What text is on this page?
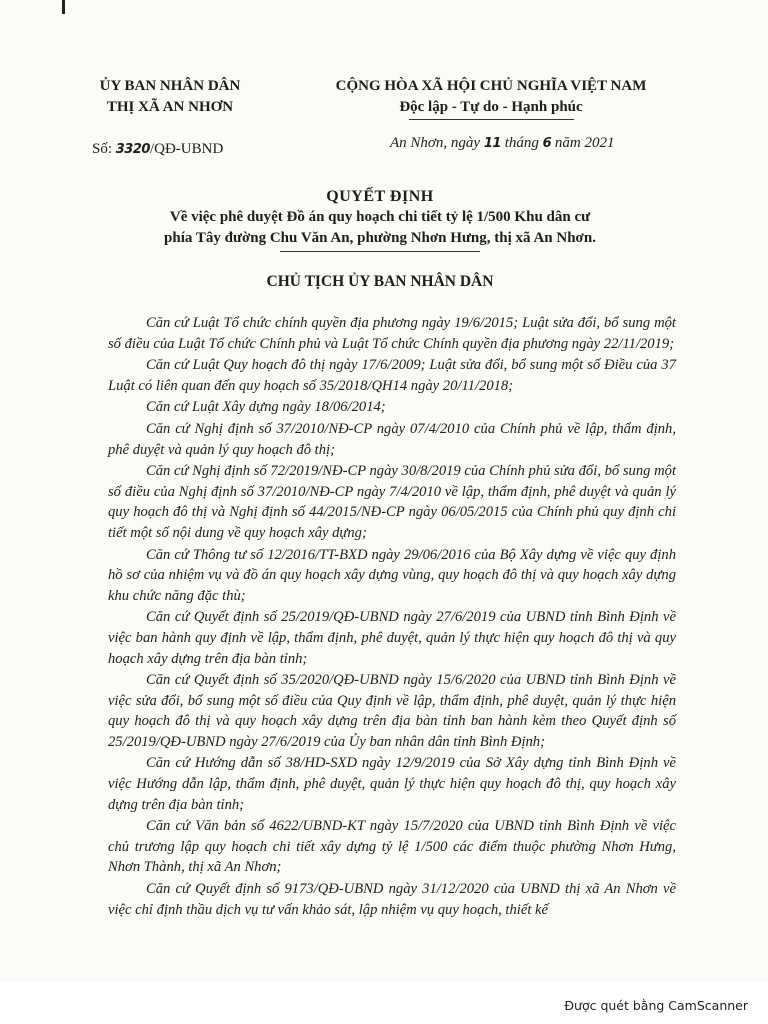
ỦY BAN NHÂN DÂN
THỊ XÃ AN NHƠN
CỘNG HÒA XÃ HỘI CHỦ NGHĨA VIỆT NAM
Độc lập - Tự do - Hạnh phúc
Số: 3320/QĐ-UBND	An Nhơn, ngày 11 tháng 6 năm 2021
QUYẾT ĐỊNH
Về việc phê duyệt Đồ án quy hoạch chi tiết tỷ lệ 1/500 Khu dân cư
phía Tây đường Chu Văn An, phường Nhơn Hưng, thị xã An Nhơn.
CHỦ TỊCH ỦY BAN NHÂN DÂN

Căn cứ Luật Tổ chức chính quyền địa phương ngày 19/6/2015; Luật sửa đổi, bổ sung một số điều của Luật Tổ chức Chính phủ và Luật Tổ chức Chính quyền địa phương ngày 22/11/2019;

Căn cứ Luật Quy hoạch đô thị ngày 17/6/2009; Luật sửa đổi, bổ sung một số Điều của 37 Luật có liên quan đến quy hoạch số 35/2018/QH14 ngày 20/11/2018;

Căn cứ Luật Xây dựng ngày 18/06/2014;

Căn cứ Nghị định số 37/2010/NĐ-CP ngày 07/4/2010 của Chính phủ về lập, thẩm định, phê duyệt và quản lý quy hoạch đô thị;

Căn cứ Nghị định số 72/2019/NĐ-CP ngày 30/8/2019 của Chính phủ sửa đổi, bổ sung một số điều của Nghị định số 37/2010/NĐ-CP ngày 7/4/2010 về lập, thẩm định, phê duyệt và quản lý quy hoạch đô thị và Nghị định số 44/2015/NĐ-CP ngày 06/05/2015 của Chính phủ quy định chi tiết một số nội dung về quy hoạch xây dựng;

Căn cứ Thông tư số 12/2016/TT-BXD ngày 29/06/2016 của Bộ Xây dựng về việc quy định hồ sơ của nhiệm vụ và đồ án quy hoạch xây dựng vùng, quy hoạch đô thị và quy hoạch xây dựng khu chức năng đặc thù;

Căn cứ Quyết định số 25/2019/QĐ-UBND ngày 27/6/2019 của UBND tỉnh Bình Định về việc ban hành quy định về lập, thẩm định, phê duyệt, quản lý thực hiện quy hoạch đô thị và quy hoạch xây dựng trên địa bàn tỉnh;

Căn cứ Quyết định số 35/2020/QĐ-UBND ngày 15/6/2020 của UBND tỉnh Bình Định về việc sửa đổi, bổ sung một số điều của Quy định về lập, thẩm định, phê duyệt, quản lý thực hiện quy hoạch đô thị và quy hoạch xây dựng trên địa bàn tỉnh ban hành kèm theo Quyết định số 25/2019/QĐ-UBND ngày 27/6/2019 của Ủy ban nhân dân tỉnh Bình Định;

Căn cứ Hướng dẫn số 38/HD-SXD ngày 12/9/2019 của Sở Xây dựng tỉnh Bình Định về việc Hướng dẫn lập, thẩm định, phê duyệt, quản lý thực hiện quy hoạch đô thị, quy hoạch xây dựng trên địa bàn tỉnh;

Căn cứ Văn bản số 4622/UBND-KT ngày 15/7/2020 của UBND tỉnh Bình Định về việc chủ trương lập quy hoạch chi tiết xây dựng tỷ lệ 1/500 các điểm thuộc phường Nhơn Hưng, Nhơn Thành, thị xã An Nhơn;

Căn cứ Quyết định số 9173/QĐ-UBND ngày 31/12/2020 của UBND thị xã An Nhơn về việc chỉ định thầu dịch vụ tư vấn khảo sát, lập nhiệm vụ quy hoạch, thiết kế

Được quét bằng CamScanner
